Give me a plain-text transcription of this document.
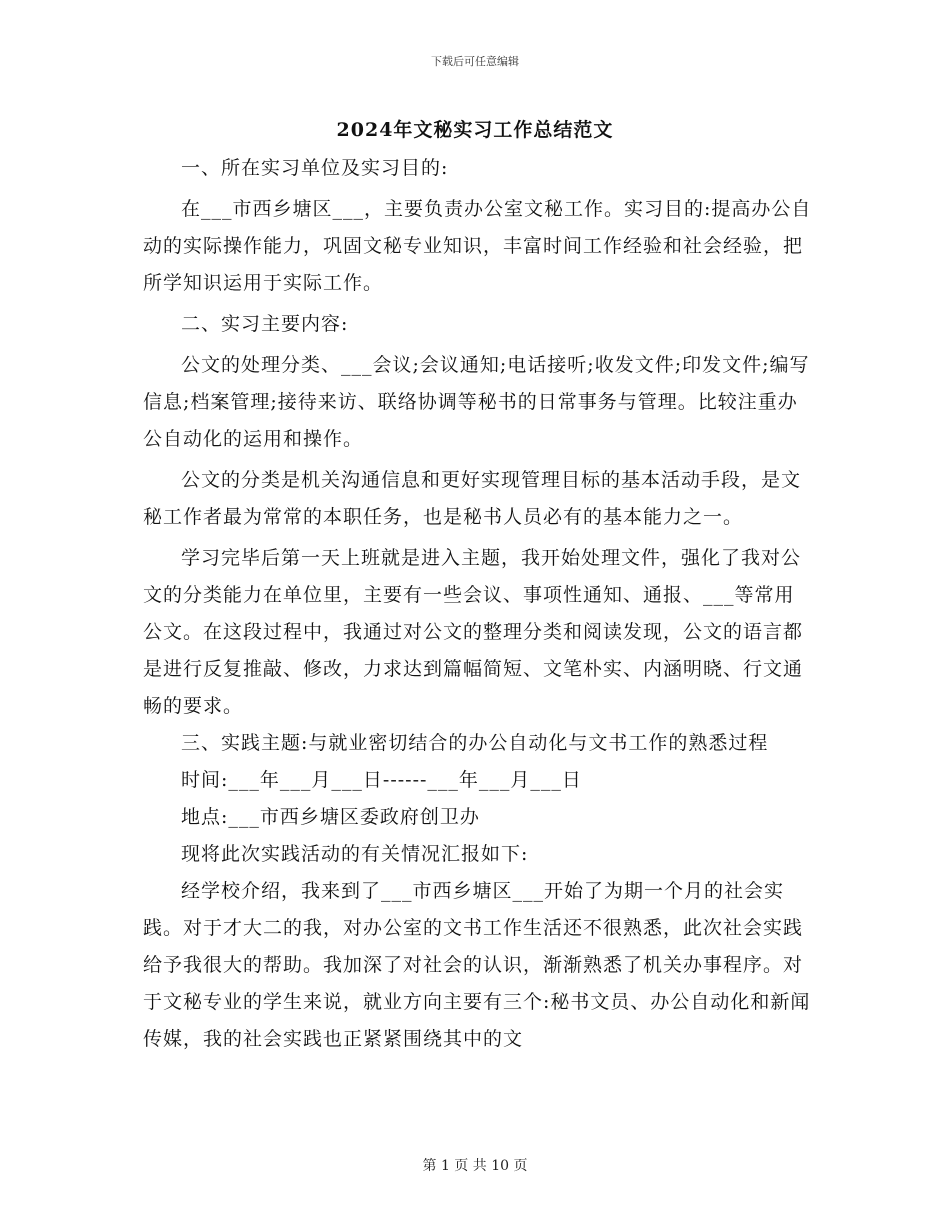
下载后可任意编辑
2024年文秘实习工作总结范文

一、所在实习单位及实习目的:

在___市西乡塘区___，主要负责办公室文秘工作。实习目的:提高办公自动的实际操作能力，巩固文秘专业知识，丰富时间工作经验和社会经验，把所学知识运用于实际工作。

二、实习主要内容:

公文的处理分类、___会议;会议通知;电话接听;收发文件;印发文件;编写信息;档案管理;接待来访、联络协调等秘书的日常事务与管理。比较注重办公自动化的运用和操作。

公文的分类是机关沟通信息和更好实现管理目标的基本活动手段，是文秘工作者最为常常的本职任务，也是秘书人员必有的基本能力之一。

学习完毕后第一天上班就是进入主题，我开始处理文件，强化了我对公文的分类能力在单位里，主要有一些会议、事项性通知、通报、___等常用公文。在这段过程中，我通过对公文的整理分类和阅读发现，公文的语言都是进行反复推敲、修改，力求达到篇幅简短、文笔朴实、内涵明晓、行文通畅的要求。

三、实践主题:与就业密切结合的办公自动化与文书工作的熟悉过程

时间:___年___月___日------___年___月___日

地点:___市西乡塘区委政府创卫办

现将此次实践活动的有关情况汇报如下:

经学校介绍，我来到了___市西乡塘区___开始了为期一个月的社会实践。对于才大二的我，对办公室的文书工作生活还不很熟悉，此次社会实践给予我很大的帮助。我加深了对社会的认识，渐渐熟悉了机关办事程序。对于文秘专业的学生来说，就业方向主要有三个:秘书文员、办公自动化和新闻传媒，我的社会实践也正紧紧围绕其中的文

第 1 页 共 10 页
